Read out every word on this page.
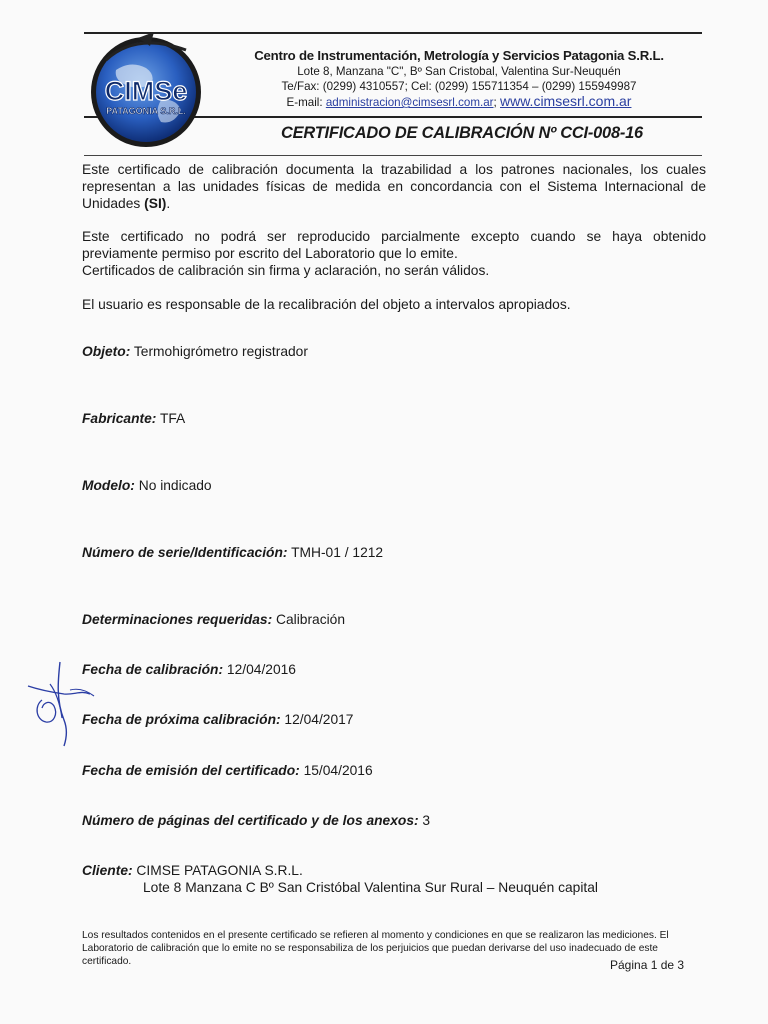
CIMSe
PATAGONIA S.R.L.
Centro de Instrumentación, Metrología y Servicios Patagonia S.R.L.
Lote 8, Manzana "C", Bº San Cristobal, Valentina Sur-Neuquén
Te/Fax: (0299) 4310557; Cel: (0299) 155711354 – (0299) 155949987
E-mail: administracion@cimsesrl.com.ar; www.cimsesrl.com.ar
CERTIFICADO DE CALIBRACIÓN Nº CCI-008-16
Este certificado de calibración documenta la trazabilidad a los patrones nacionales, los cuales representan a las unidades físicas de medida en concordancia con el Sistema Internacional de Unidades (SI).
Este certificado no podrá ser reproducido parcialmente excepto cuando se haya obtenido previamente permiso por escrito del Laboratorio que lo emite.
Certificados de calibración sin firma y aclaración, no serán válidos.
El usuario es responsable de la recalibración del objeto a intervalos apropiados.
Objeto: Termohigrómetro registrador
Fabricante: TFA
Modelo: No indicado
Número de serie/Identificación: TMH-01 / 1212
Determinaciones requeridas: Calibración
Fecha de calibración: 12/04/2016
Fecha de próxima calibración: 12/04/2017
Fecha de emisión del certificado: 15/04/2016
Número de páginas del certificado y de los anexos: 3
Cliente: CIMSE PATAGONIA S.R.L.
Lote 8 Manzana C Bº San Cristóbal Valentina Sur Rural – Neuquén capital
Los resultados contenidos en el presente certificado se refieren al momento y condiciones en que se realizaron las mediciones. El Laboratorio de calibración que lo emite no se responsabiliza de los perjuicios que puedan derivarse del uso inadecuado de este certificado.	Página 1 de 3
